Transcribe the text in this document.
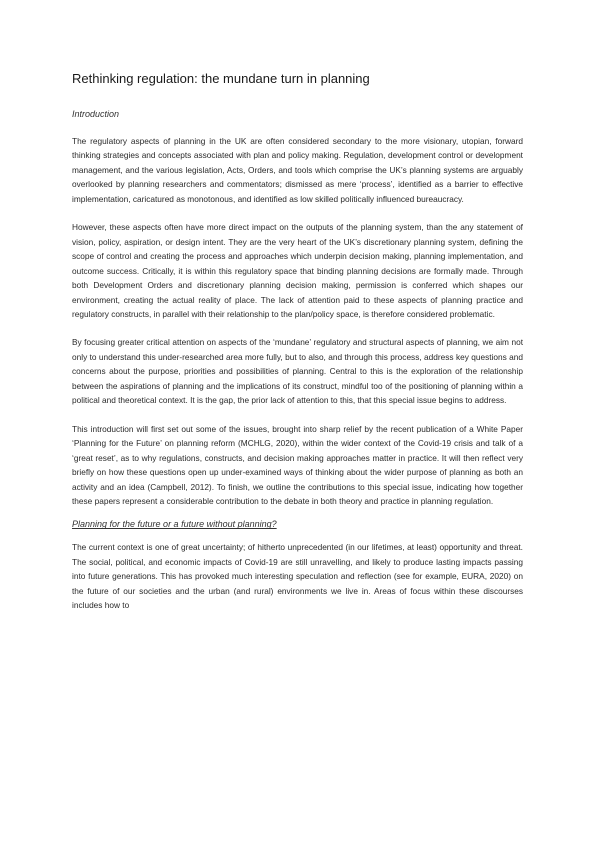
Rethinking regulation: the mundane turn in planning

Introduction

The regulatory aspects of planning in the UK are often considered secondary to the more visionary, utopian, forward thinking strategies and concepts associated with plan and policy making. Regulation, development control or development management, and the various legislation, Acts, Orders, and tools which comprise the UK’s planning systems are arguably overlooked by planning researchers and commentators; dismissed as mere ‘process’, identified as a barrier to effective implementation, caricatured as monotonous, and identified as low skilled politically influenced bureaucracy.

However, these aspects often have more direct impact on the outputs of the planning system, than the any statement of vision, policy, aspiration, or design intent. They are the very heart of the UK’s discretionary planning system, defining the scope of control and creating the process and approaches which underpin decision making, planning implementation, and outcome success. Critically, it is within this regulatory space that binding planning decisions are formally made. Through both Development Orders and discretionary planning decision making, permission is conferred which shapes our environment, creating the actual reality of place. The lack of attention paid to these aspects of planning practice and regulatory constructs, in parallel with their relationship to the plan/policy space, is therefore considered problematic.

By focusing greater critical attention on aspects of the ‘mundane’ regulatory and structural aspects of planning, we aim not only to understand this under-researched area more fully, but to also, and through this process, address key questions and concerns about the purpose, priorities and possibilities of planning. Central to this is the exploration of the relationship between the aspirations of planning and the implications of its construct, mindful too of the positioning of planning within a political and theoretical context. It is the gap, the prior lack of attention to this, that this special issue begins to address.

This introduction will first set out some of the issues, brought into sharp relief by the recent publication of a White Paper ‘Planning for the Future’ on planning reform (MCHLG, 2020), within the wider context of the Covid-19 crisis and talk of a ‘great reset’, as to why regulations, constructs, and decision making approaches matter in practice. It will then reflect very briefly on how these questions open up under-examined ways of thinking about the wider purpose of planning as both an activity and an idea (Campbell, 2012). To finish, we outline the contributions to this special issue, indicating how together these papers represent a considerable contribution to the debate in both theory and practice in planning regulation.

Planning for the future or a future without planning?

The current context is one of great uncertainty; of hitherto unprecedented (in our lifetimes, at least) opportunity and threat. The social, political, and economic impacts of Covid-19 are still unravelling, and likely to produce lasting impacts passing into future generations. This has provoked much interesting speculation and reflection (see for example, EURA, 2020) on the future of our societies and the urban (and rural) environments we live in. Areas of focus within these discourses includes how to
